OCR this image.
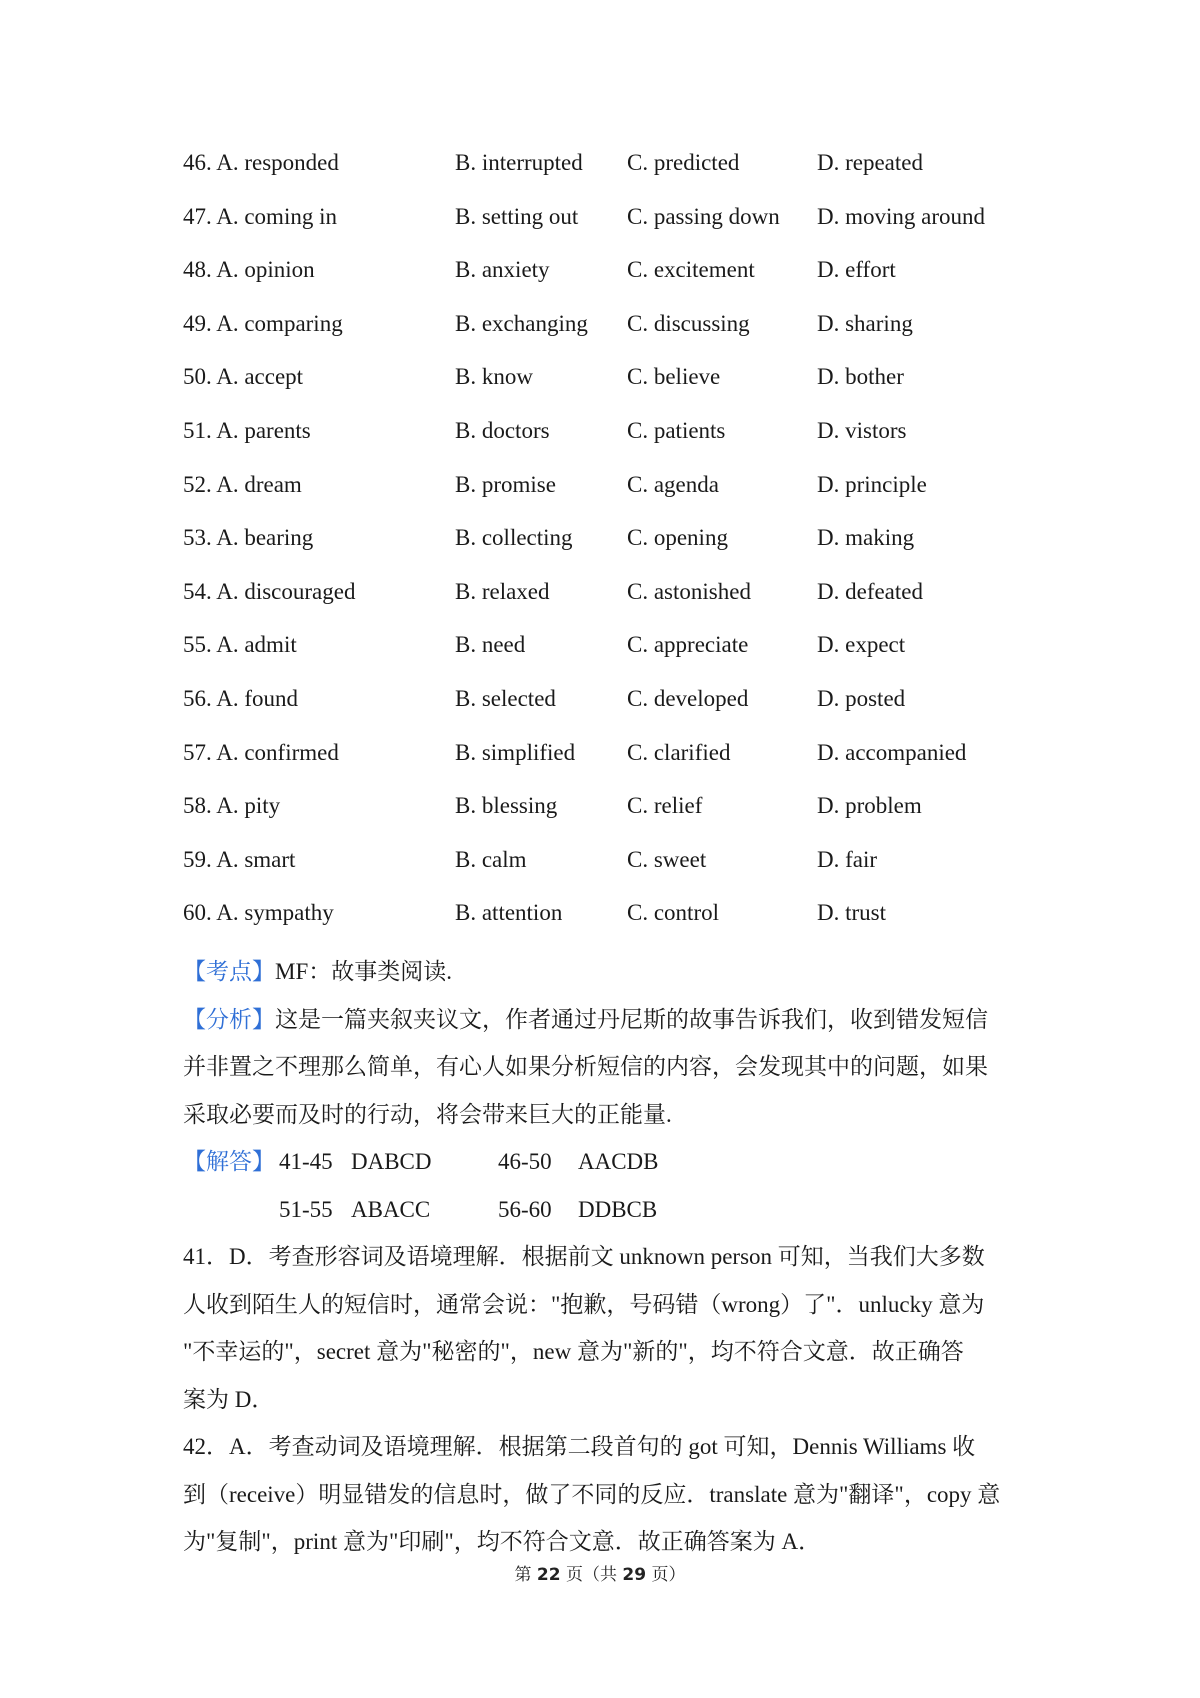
46. A. responded	B. interrupted	C. predicted	D. repeated
47. A. coming in	B. setting out	C. passing down	D. moving around
48. A. opinion	B. anxiety	C. excitement	D. effort
49. A. comparing	B. exchanging	C. discussing	D. sharing
50. A. accept	B. know	C. believe	D. bother
51. A. parents	B. doctors	C. patients	D. vistors
52. A. dream	B. promise	C. agenda	D. principle
53. A. bearing	B. collecting	C. opening	D. making
54. A. discouraged	B. relaxed	C. astonished	D. defeated
55. A. admit	B. need	C. appreciate	D. expect
56. A. found	B. selected	C. developed	D. posted
57. A. confirmed	B. simplified	C. clarified	D. accompanied
58. A. pity	B. blessing	C. relief	D. problem
59. A. smart	B. calm	C. sweet	D. fair
60. A. sympathy	B. attention	C. control	D. trust
【考点】MF：故事类阅读.
【分析】这是一篇夹叙夹议文，作者通过丹尼斯的故事告诉我们，收到错发短信
并非置之不理那么简单，有心人如果分析短信的内容，会发现其中的问题，如果
采取必要而及时的行动，将会带来巨大的正能量.
【解答】 41-45 DABCD	46-50 AACDB
51-55 ABACC	56-60 DDBCB
41．D．考查形容词及语境理解．根据前文 unknown person 可知，当我们大多数
人收到陌生人的短信时，通常会说："抱歉，号码错（wrong）了"．unlucky 意为
"不幸运的"，secret 意为"秘密的"，new 意为"新的"，均不符合文意．故正确答
案为 D．
42．A．考查动词及语境理解．根据第二段首句的 got 可知，Dennis Williams 收
到（receive）明显错发的信息时，做了不同的反应．translate 意为"翻译"，copy 意
为"复制"，print 意为"印刷"，均不符合文意．故正确答案为 A．
第 22 页（共 29 页）
